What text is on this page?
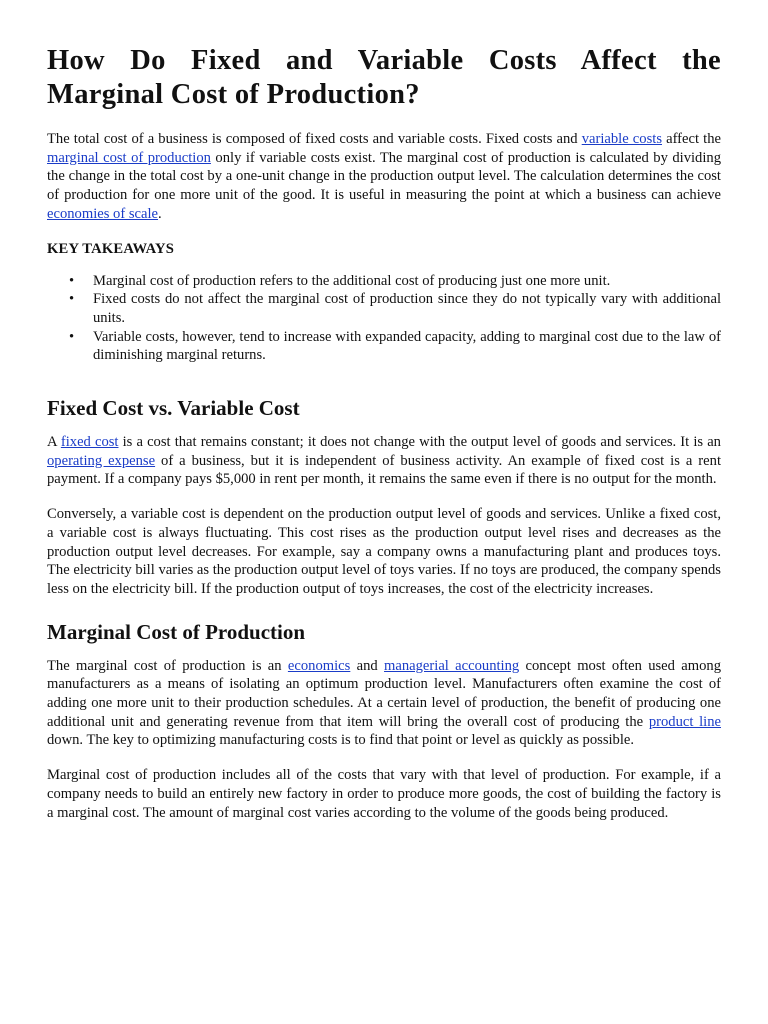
How Do Fixed and Variable Costs Affect the
Marginal Cost of Production?

The total cost of a business is composed of fixed costs and variable costs. Fixed costs and variable costs affect the marginal cost of production only if variable costs exist. The marginal cost of production is calculated by dividing the change in the total cost by a one-unit change in the production output level. The calculation determines the cost of production for one more unit of the good. It is useful in measuring the point at which a business can achieve economies of scale.

KEY TAKEAWAYS
• Marginal cost of production refers to the additional cost of producing just one more unit.
• Fixed costs do not affect the marginal cost of production since they do not typically vary with additional units.
• Variable costs, however, tend to increase with expanded capacity, adding to marginal cost due to the law of diminishing marginal returns.
Fixed Cost vs. Variable Cost

A fixed cost is a cost that remains constant; it does not change with the output level of goods and services. It is an operating expense of a business, but it is independent of business activity. An example of fixed cost is a rent payment. If a company pays $5,000 in rent per month, it remains the same even if there is no output for the month.

Conversely, a variable cost is dependent on the production output level of goods and services. Unlike a fixed cost, a variable cost is always fluctuating. This cost rises as the production output level rises and decreases as the production output level decreases. For example, say a company owns a manufacturing plant and produces toys. The electricity bill varies as the production output level of toys varies. If no toys are produced, the company spends less on the electricity bill. If the production output of toys increases, the cost of the electricity increases.

Marginal Cost of Production

The marginal cost of production is an economics and managerial accounting concept most often used among manufacturers as a means of isolating an optimum production level. Manufacturers often examine the cost of adding one more unit to their production schedules. At a certain level of production, the benefit of producing one additional unit and generating revenue from that item will bring the overall cost of producing the product line down. The key to optimizing manufacturing costs is to find that point or level as quickly as possible.

Marginal cost of production includes all of the costs that vary with that level of production. For example, if a company needs to build an entirely new factory in order to produce more goods, the cost of building the factory is a marginal cost. The amount of marginal cost varies according to the volume of the goods being produced.
